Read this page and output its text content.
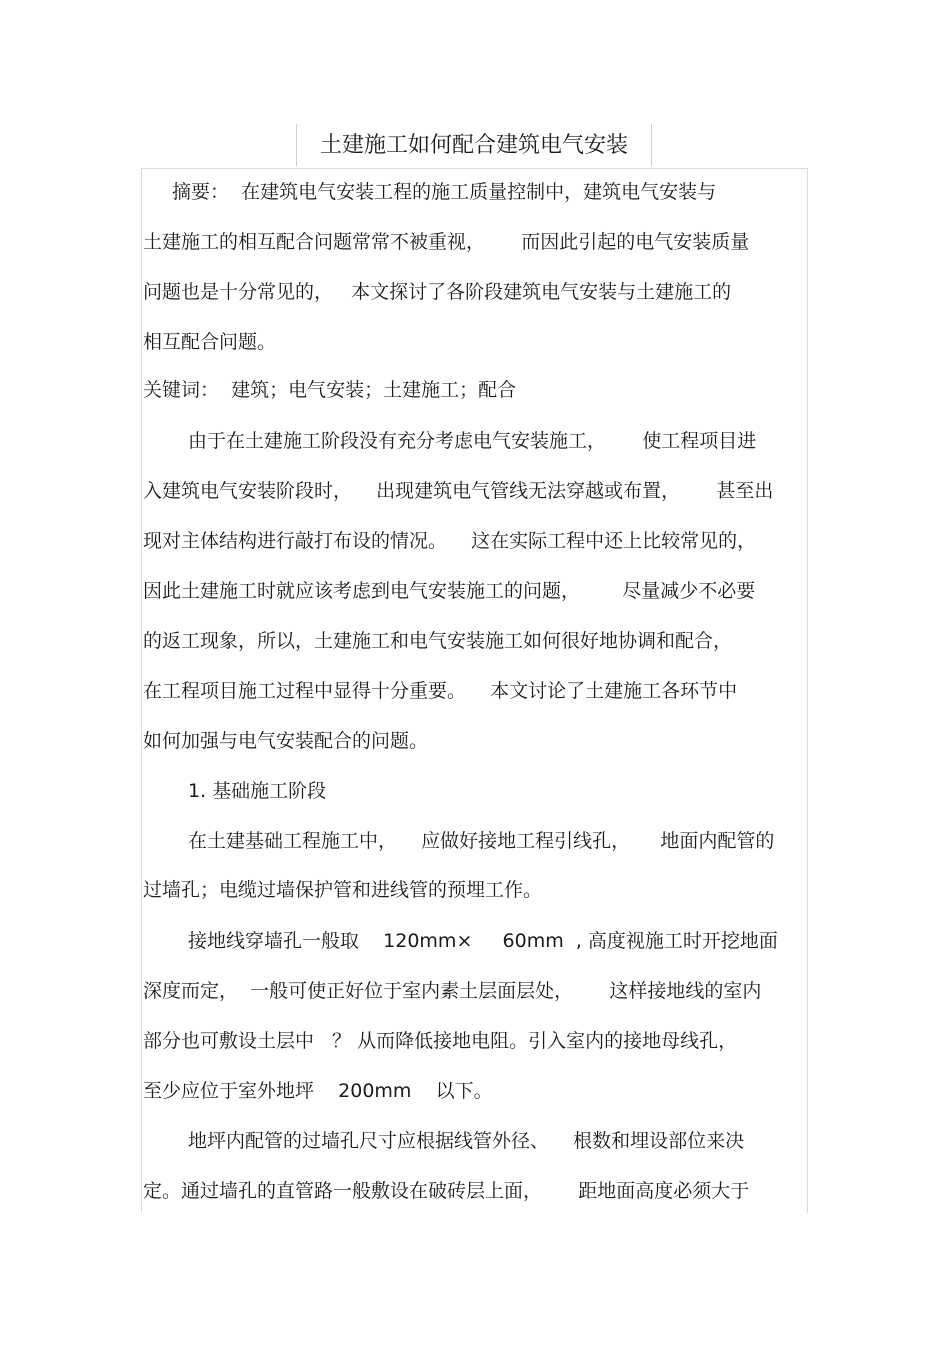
土建施工如何配合建筑电气安装
摘要：  在建筑电气安装工程的施工质量控制中，建筑电气安装与
土建施工的相互配合问题常常不被重视，      而因此引起的电气安装质量
问题也是十分常见的，   本文探讨了各阶段建筑电气安装与土建施工的
相互配合问题。
关键词：  建筑；电气安装；土建施工；配合
由于在土建施工阶段没有充分考虑电气安装施工，      使工程项目进
入建筑电气安装阶段时，    出现建筑电气管线无法穿越或布置，      甚至出
现对主体结构进行敲打布设的情况。    这在实际工程中还上比较常见的，
因此土建施工时就应该考虑到电气安装施工的问题，       尽量减少不必要
的返工现象，所以，土建施工和电气安装施工如何很好地协调和配合，
在工程项目施工过程中显得十分重要。    本文讨论了土建施工各环节中
如何加强与电气安装配合的问题。
1. 基础施工阶段
在土建基础工程施工中，    应做好接地工程引线孔，     地面内配管的
过墙孔；电缆过墙保护管和进线管的预埋工作。
接地线穿墙孔一般取    120mm×     60mm  , 高度视施工时开挖地面
深度而定，  一般可使正好位于室内素土层面层处，      这样接地线的室内
部分也可敷设土层中   ？ 从而降低接地电阻。引入室内的接地母线孔，
至少应位于室外地坪    200mm    以下。
地坪内配管的过墙孔尺寸应根据线管外径、    根数和埋设部位来决
定。通过墙孔的直管路一般敷设在破砖层上面，      距地面高度必须大于
